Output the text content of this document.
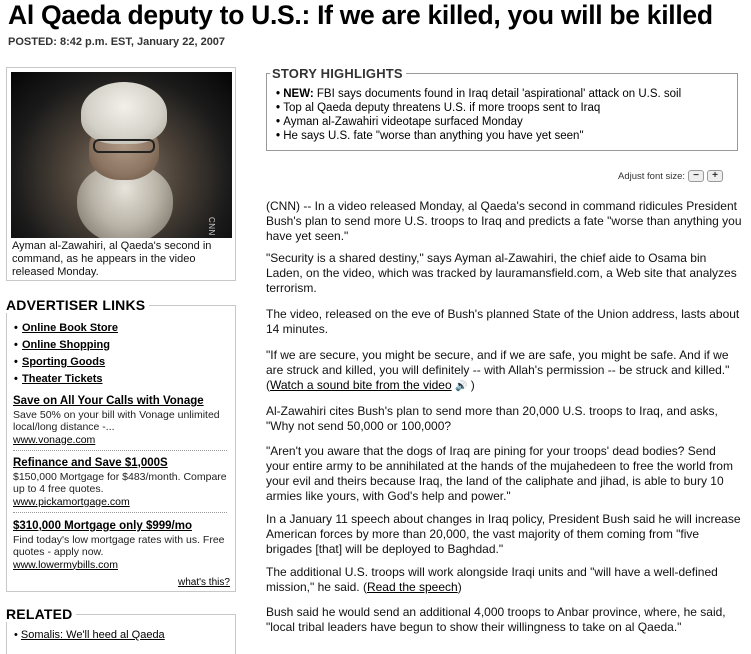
Al Qaeda deputy to U.S.: If we are killed, you will be killed
POSTED: 8:42 p.m. EST, January 22, 2007
CNN
Ayman al-Zawahiri, al Qaeda's second in command, as he appears in the video released Monday.
ADVERTISER LINKS
• Online Book Store
• Online Shopping
• Sporting Goods
• Theater Tickets
Save on All Your Calls with Vonage
Save 50% on your bill with Vonage unlimited local/long distance -...
www.vonage.com
Refinance and Save $1,000S
$150,000 Mortgage for $483/month. Compare up to 4 free quotes.
www.pickamortgage.com
$310,000 Mortgage only $999/mo
Find today's low mortgage rates with us. Free quotes - apply now.
www.lowermybills.com
what's this?
RELATED
• Somalis: We'll heed al Qaeda
STORY HIGHLIGHTS
• NEW: FBI says documents found in Iraq detail 'aspirational' attack on U.S. soil
• Top al Qaeda deputy threatens U.S. if more troops sent to Iraq
• Ayman al-Zawahiri videotape surfaced Monday
• He says U.S. fate "worse than anything you have yet seen"
Adjust font size: −	+

(CNN) -- In a video released Monday, al Qaeda's second in command ridicules President Bush's plan to send more U.S. troops to Iraq and predicts a fate "worse than anything you have yet seen."

"Security is a shared destiny," says Ayman al-Zawahiri, the chief aide to Osama bin Laden, on the video, which was tracked by lauramansfield.com, a Web site that analyzes terrorism.

The video, released on the eve of Bush's planned State of the Union address, lasts about 14 minutes.

"If we are secure, you might be secure, and if we are safe, you might be safe. And if we are struck and killed, you will definitely -- with Allah's permission -- be struck and killed." (Watch a sound bite from the video 🔊 )

Al-Zawahiri cites Bush's plan to send more than 20,000 U.S. troops to Iraq, and asks, "Why not send 50,000 or 100,000?

"Aren't you aware that the dogs of Iraq are pining for your troops' dead bodies? Send your entire army to be annihilated at the hands of the mujahedeen to free the world from your evil and theirs because Iraq, the land of the caliphate and jihad, is able to bury 10 armies like yours, with God's help and power."

In a January 11 speech about changes in Iraq policy, President Bush said he will increase American forces by more than 20,000, the vast majority of them coming from "five brigades [that] will be deployed to Baghdad."

The additional U.S. troops will work alongside Iraqi units and "will have a well-defined mission," he said. (Read the speech)

Bush said he would send an additional 4,000 troops to Anbar province, where, he said, "local tribal leaders have begun to show their willingness to take on al Qaeda."
